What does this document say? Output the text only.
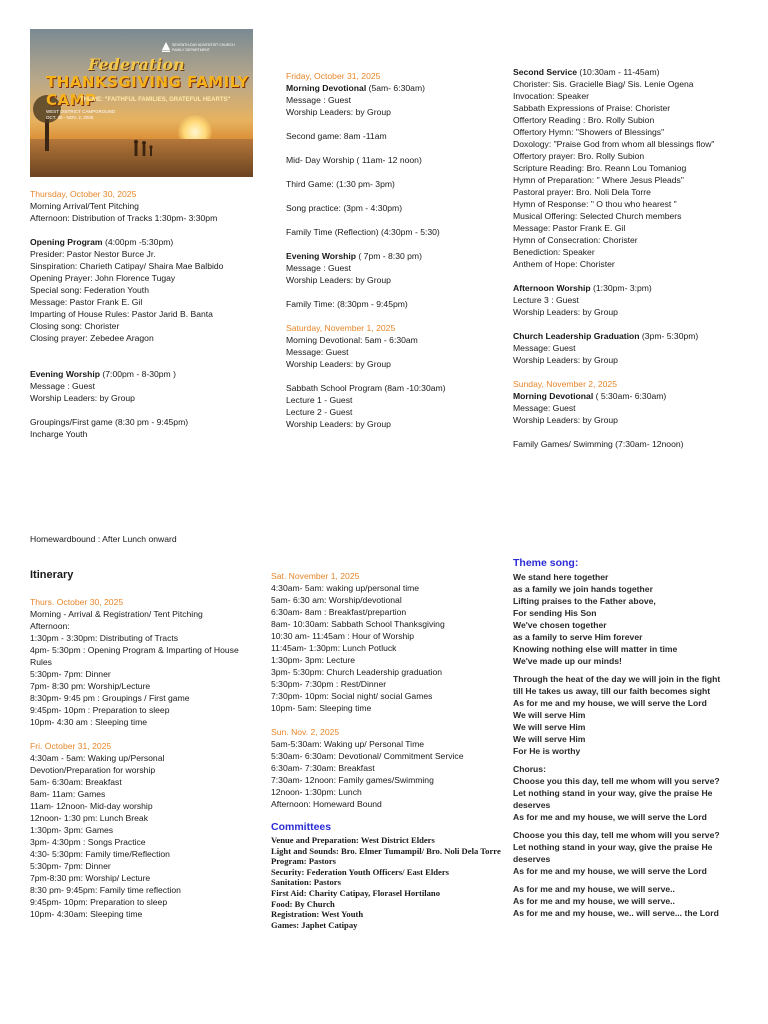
SEVENTH-DAY ADVENTIST CHURCH
FAMILY DEPARTMENT
Federation
THANKSGIVING FAMILY CAMP
THEME: "FAITHFUL FAMILIES, GRATEFUL HEARTS"
WEST DISTRICT CAMPGROUND
OCT. 30 - NOV. 2, 2025

Thursday, October 30, 2025

Morning Arrival/Tent Pitching

Afternoon: Distribution of Tracks 1:30pm- 3:30pm

Opening Program (4:00pm -5:30pm)

Presider: Pastor Nestor Burce Jr.

Sinspiration: Charieth Catipay/ Shaira Mae Balbido

Opening Prayer: John Florence Tugay

Special song: Federation Youth

Message: Pastor Frank E. Gil

Imparting of House Rules: Pastor Jarid B. Banta

Closing song: Chorister

Closing prayer: Zebedee Aragon

Evening Worship (7:00pm - 8-30pm )

Message : Guest

Worship Leaders: by Group

Groupings/First game (8:30 pm - 9:45pm)

Incharge Youth

Friday, October 31, 2025

Morning Devotional (5am- 6:30am)

Message : Guest

Worship Leaders: by Group

Second game: 8am -11am

Mid- Day Worship ( 11am- 12 noon)

Third Game: (1:30 pm- 3pm)

Song practice: (3pm - 4:30pm)

Family Time (Reflection) (4:30pm - 5:30)

Evening Worship ( 7pm - 8:30 pm)

Message : Guest

Worship Leaders: by Group

Family Time: (8:30pm - 9:45pm)

Saturday, November 1, 2025

Morning Devotional: 5am - 6:30am

Message: Guest

Worship Leaders: by Group

Sabbath School Program (8am -10:30am)

Lecture 1 - Guest

Lecture 2 - Guest

Worship Leaders: by Group

Second Service (10:30am - 11-45am)

Chorister: Sis. Gracielle Biag/ Sis. Lenie Ogena

Invocation: Speaker

Sabbath Expressions of Praise: Chorister

Offertory Reading : Bro. Rolly Subion

Offertory Hymn: "Showers of Blessings"

Doxology: "Praise God from whom all blessings flow"

Offertory prayer: Bro. Rolly Subion

Scripture Reading: Bro. Reann Lou Tomaniog

Hymn of Preparation: " Where Jesus Pleads"

Pastoral prayer: Bro. Noli Dela Torre

Hymn of Response: " O thou who hearest "

Musical Offering: Selected Church members

Message: Pastor Frank E. Gil

Hymn of Consecration: Chorister

Benediction: Speaker

Anthem of Hope: Chorister

Afternoon Worship (1:30pm- 3:pm)

Lecture 3 : Guest

Worship Leaders: by Group

Church Leadership Graduation (3pm- 5:30pm)

Message: Guest

Worship Leaders: by Group

Sunday, November 2, 2025

Morning Devotional ( 5:30am- 6:30am)

Message: Guest

Worship Leaders: by Group

Family Games/ Swimming (7:30am- 12noon)

Homewardbound : After Lunch onward

Itinerary

Thurs. October 30, 2025

Morning - Arrival & Registration/ Tent Pitching

Afternoon:

1:30pm - 3:30pm: Distributing of Tracts

4pm- 5:30pm : Opening Program & Imparting of House Rules

5:30pm- 7pm: Dinner

7pm- 8:30 pm: Worship/Lecture

8:30pm- 9:45 pm : Groupings / First game

9:45pm- 10pm : Preparation to sleep

10pm- 4:30 am : Sleeping time

Fri. October 31, 2025

4:30am - 5am: Waking up/Personal

Devotion/Preparation for worship

5am- 6:30am: Breakfast

8am- 11am: Games

11am- 12noon- Mid-day worship

12noon- 1:30 pm: Lunch Break

1:30pm- 3pm: Games

3pm- 4:30pm : Songs Practice

4:30- 5:30pm: Family time/Reflection

5:30pm- 7pm: Dinner

7pm-8:30 pm: Worship/ Lecture

8:30 pm- 9:45pm: Family time reflection

9:45pm- 10pm: Preparation to sleep

10pm- 4:30am: Sleeping time

Sat. November 1, 2025

4:30am- 5am: waking up/personal time

5am- 6:30 am: Worship/devotional

6:30am- 8am : Breakfast/prepartion

8am- 10:30am: Sabbath School Thanksgiving

10:30 am- 11:45am : Hour of Worship

11:45am- 1:30pm: Lunch Potluck

1:30pm- 3pm: Lecture

3pm- 5:30pm: Church Leadership graduation

5:30pm- 7:30pm : Rest/Dinner

7:30pm- 10pm: Social night/ social Games

10pm- 5am: Sleeping time

Sun. Nov. 2, 2025

5am-5:30am: Waking up/ Personal Time

5:30am- 6:30am: Devotional/ Commitment Service

6:30am- 7:30am: Breakfast

7:30am- 12noon: Family games/Swimming

12noon- 1:30pm: Lunch

Afternoon: Homeward Bound

Committees

Venue and Preparation: West District Elders

Light and Sounds: Bro. Elmer Tumampil/ Bro. Noli Dela Torre

Program: Pastors

Security: Federation Youth Officers/ East Elders

Sanitation: Pastors

First Aid: Charity Catipay, Florasel Hortilano

Food: By Church

Registration: West Youth

Games: Japhet Catipay

Theme song:

We stand here together

as a family we join hands together

Lifting praises to the Father above,

For sending His Son

We've chosen together

as a family to serve Him forever

Knowing nothing else will matter in time

We've made up our minds!

Through the heat of the day we will join in the fight

till He takes us away, till our faith becomes sight

As for me and my house, we will serve the Lord

We will serve Him

We will serve Him

We will serve Him

For He is worthy

Chorus:

Choose you this day, tell me whom will you serve?

Let nothing stand in your way, give the praise He

deserves

As for me and my house, we will serve the Lord

Choose you this day, tell me whom will you serve?

Let nothing stand in your way, give the praise He

deserves

As for me and my house, we will serve the Lord

As for me and my house, we will serve..

As for me and my house, we will serve..

As for me and my house, we.. will serve... the Lord
